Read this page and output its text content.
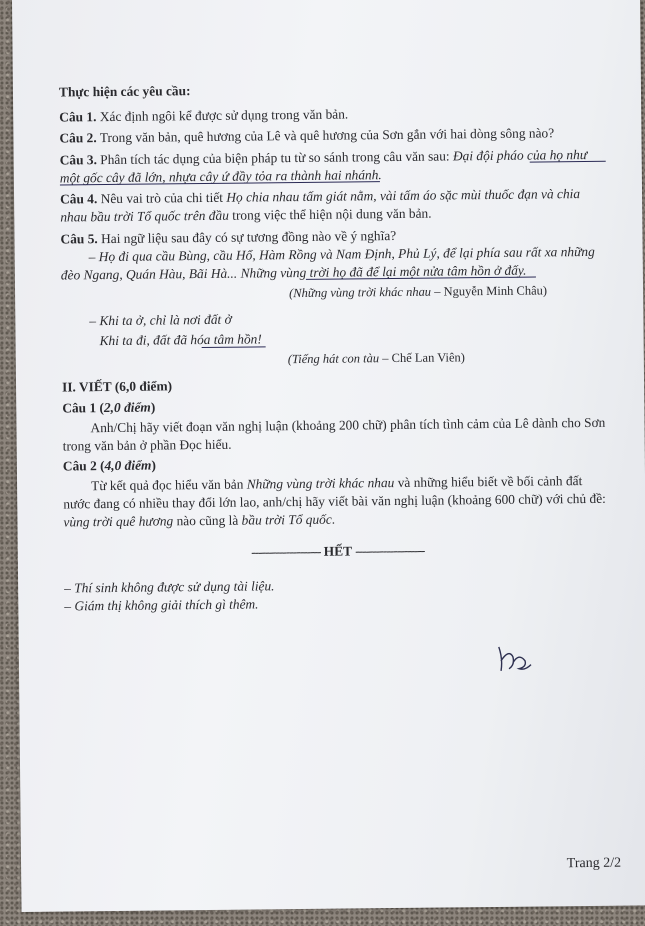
Thực hiện các yêu cầu:
Câu 1. Xác định ngôi kể được sử dụng trong văn bản.
Câu 2. Trong văn bản, quê hương của Lê và quê hương của Sơn gắn với hai dòng sông nào?
Câu 3. Phân tích tác dụng của biện pháp tu từ so sánh trong câu văn sau: Đại đội pháo của họ như
một gốc cây đã lớn, nhựa cây ứ đầy tỏa ra thành hai nhánh.
Câu 4. Nêu vai trò của chi tiết Họ chia nhau tấm giát nằm, vài tấm áo sặc mùi thuốc đạn và chia
nhau bầu trời Tổ quốc trên đầu trong việc thể hiện nội dung văn bản.
Câu 5. Hai ngữ liệu sau đây có sự tương đồng nào về ý nghĩa?
– Họ đi qua cầu Bùng, cầu Hổ, Hàm Rồng và Nam Định, Phủ Lý, để lại phía sau rất xa những
đèo Ngang, Quán Hàu, Bãi Hà... Những vùng trời họ đã để lại một nửa tâm hồn ở đấy.
(Những vùng trời khác nhau – Nguyễn Minh Châu)
– Khi ta ở, chỉ là nơi đất ở
Khi ta đi, đất đã hóa tâm hồn!
(Tiếng hát con tàu – Chế Lan Viên)
II. VIẾT (6,0 điểm)
Câu 1 (2,0 điểm)
Anh/Chị hãy viết đoạn văn nghị luận (khoảng 200 chữ) phân tích tình cảm của Lê dành cho Sơn
trong văn bản ở phần Đọc hiểu.
Câu 2 (4,0 điểm)
Từ kết quả đọc hiểu văn bản Những vùng trời khác nhau và những hiểu biết về bối cảnh đất
nước đang có nhiều thay đổi lớn lao, anh/chị hãy viết bài văn nghị luận (khoảng 600 chữ) với chủ đề:
vùng trời quê hương nào cũng là bầu trời Tổ quốc.
-------------------- HẾT --------------------
– Thí sinh không được sử dụng tài liệu.
– Giám thị không giải thích gì thêm.
Trang 2/2
